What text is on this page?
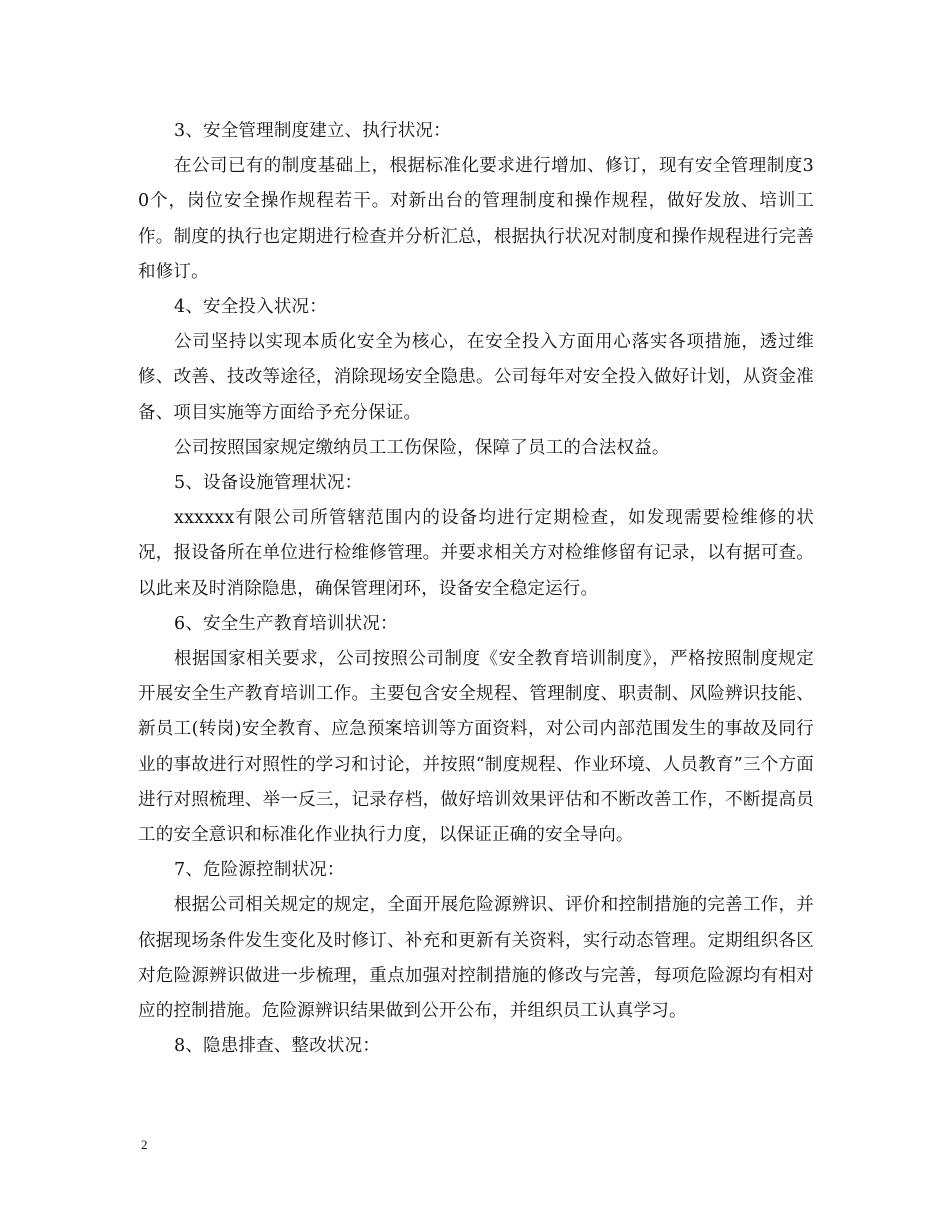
3、安全管理制度建立、执行状况：

在公司已有的制度基础上，根据标准化要求进行增加、修订，现有安全管理制度30个，岗位安全操作规程若干。对新出台的管理制度和操作规程，做好发放、培训工作。制度的执行也定期进行检查并分析汇总，根据执行状况对制度和操作规程进行完善和修订。

4、安全投入状况：

公司坚持以实现本质化安全为核心，在安全投入方面用心落实各项措施，透过维修、改善、技改等途径，消除现场安全隐患。公司每年对安全投入做好计划，从资金准备、项目实施等方面给予充分保证。

公司按照国家规定缴纳员工工伤保险，保障了员工的合法权益。

5、设备设施管理状况：

xxxxxx有限公司所管辖范围内的设备均进行定期检查，如发现需要检维修的状况，报设备所在单位进行检维修管理。并要求相关方对检维修留有记录，以有据可查。以此来及时消除隐患，确保管理闭环，设备安全稳定运行。

6、安全生产教育培训状况：

根据国家相关要求，公司按照公司制度《安全教育培训制度》，严格按照制度规定开展安全生产教育培训工作。主要包含安全规程、管理制度、职责制、风险辨识技能、新员工(转岗)安全教育、应急预案培训等方面资料，对公司内部范围发生的事故及同行业的事故进行对照性的学习和讨论，并按照“制度规程、作业环境、人员教育”三个方面进行对照梳理、举一反三，记录存档，做好培训效果评估和不断改善工作，不断提高员工的安全意识和标准化作业执行力度，以保证正确的安全导向。

7、危险源控制状况：

根据公司相关规定的规定，全面开展危险源辨识、评价和控制措施的完善工作，并依据现场条件发生变化及时修订、补充和更新有关资料，实行动态管理。定期组织各区对危险源辨识做进一步梳理，重点加强对控制措施的修改与完善，每项危险源均有相对应的控制措施。危险源辨识结果做到公开公布，并组织员工认真学习。

8、隐患排查、整改状况：

2
